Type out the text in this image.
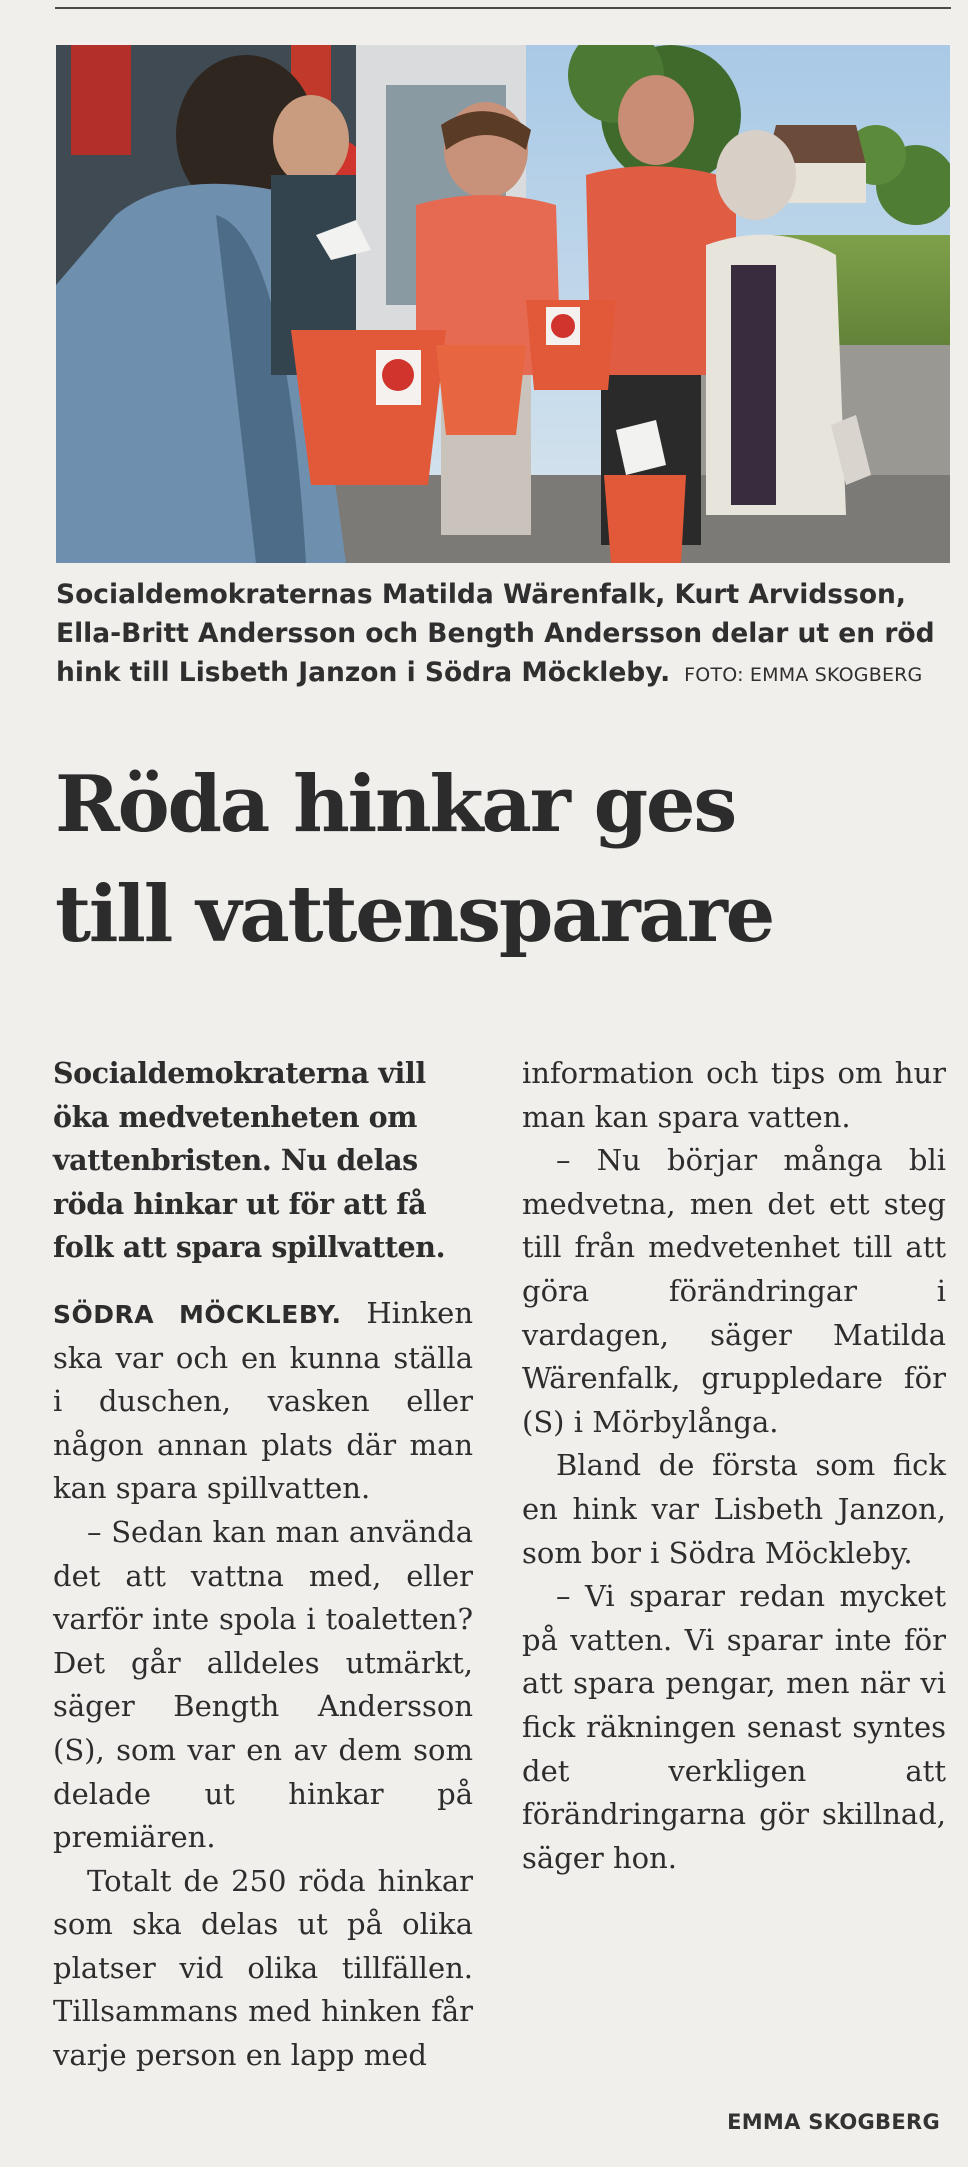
Socialdemokraternas Matilda Wärenfalk, Kurt Arvidsson,
Ella-Britt Andersson och Bength Andersson delar ut en röd
hink till Lisbeth Janzon i Södra Möckleby. FOTO: EMMA SKOGBERG
Röda hinkar ges
till vattensparare

Socialdemokraterna vill öka medvetenheten om vattenbristen. Nu delas röda hinkar ut för att få folk att spara spillvatten.

SÖDRA MÖCKLEBY. Hinken ska var och en kunna ställa i duschen, vasken eller någon annan plats där man kan spara spillvatten.

– Sedan kan man använda det att vattna med, eller varför inte spola i toaletten? Det går alldeles utmärkt, säger Bength Andersson (S), som var en av dem som delade ut hinkar på premiären.

Totalt de 250 röda hinkar som ska delas ut på olika platser vid olika tillfällen. Tillsammans med hinken får varje person en lapp med

information och tips om hur man kan spara vatten.

– Nu börjar många bli medvetna, men det ett steg till från medvetenhet till att göra förändringar i vardagen, säger Matilda Wärenfalk, gruppledare för (S) i Mörbylånga.

Bland de första som fick en hink var Lisbeth Janzon, som bor i Södra Möckleby.

– Vi sparar redan mycket på vatten. Vi sparar inte för att spara pengar, men när vi fick räkningen senast syntes det verkligen att förändringarna gör skillnad, säger hon.

EMMA SKOGBERG
